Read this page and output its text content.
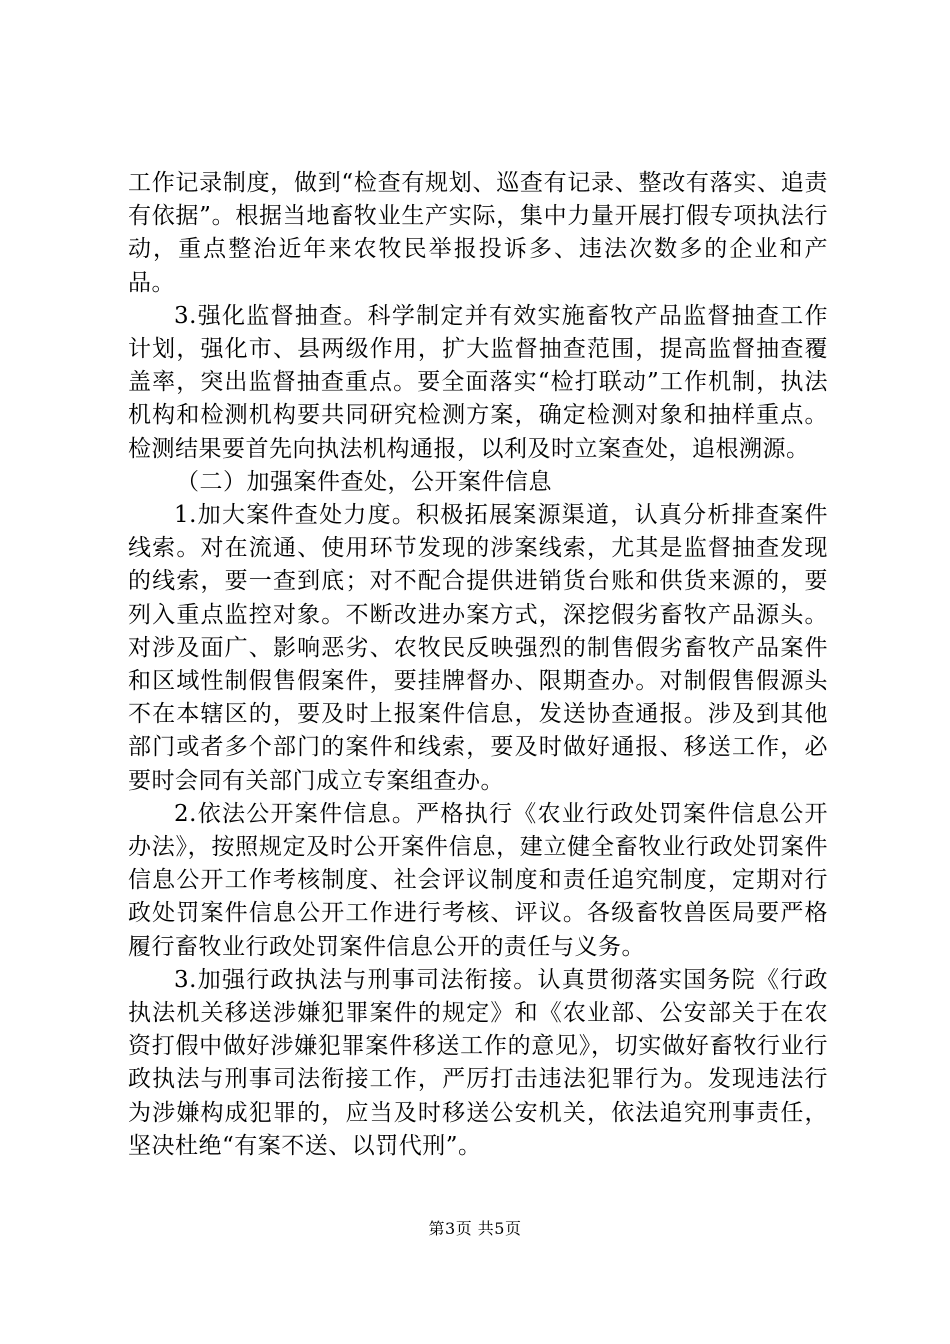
工作记录制度，做到“检查有规划、巡查有记录、整改有落实、追责有依据”。根据当地畜牧业生产实际，集中力量开展打假专项执法行动，重点整治近年来农牧民举报投诉多、违法次数多的企业和产品。

3.强化监督抽查。科学制定并有效实施畜牧产品监督抽查工作计划，强化市、县两级作用，扩大监督抽查范围，提高监督抽查覆盖率，突出监督抽查重点。要全面落实“检打联动”工作机制，执法机构和检测机构要共同研究检测方案，确定检测对象和抽样重点。检测结果要首先向执法机构通报，以利及时立案查处，追根溯源。

（二）加强案件查处，公开案件信息

1.加大案件查处力度。积极拓展案源渠道，认真分析排查案件线索。对在流通、使用环节发现的涉案线索，尤其是监督抽查发现的线索，要一查到底；对不配合提供进销货台账和供货来源的，要列入重点监控对象。不断改进办案方式，深挖假劣畜牧产品源头。对涉及面广、影响恶劣、农牧民反映强烈的制售假劣畜牧产品案件和区域性制假售假案件，要挂牌督办、限期查办。对制假售假源头不在本辖区的，要及时上报案件信息，发送协查通报。涉及到其他部门或者多个部门的案件和线索，要及时做好通报、移送工作，必要时会同有关部门成立专案组查办。

2.依法公开案件信息。严格执行《农业行政处罚案件信息公开办法》，按照规定及时公开案件信息，建立健全畜牧业行政处罚案件信息公开工作考核制度、社会评议制度和责任追究制度，定期对行政处罚案件信息公开工作进行考核、评议。各级畜牧兽医局要严格履行畜牧业行政处罚案件信息公开的责任与义务。

3.加强行政执法与刑事司法衔接。认真贯彻落实国务院《行政执法机关移送涉嫌犯罪案件的规定》和《农业部、公安部关于在农资打假中做好涉嫌犯罪案件移送工作的意见》，切实做好畜牧行业行政执法与刑事司法衔接工作，严厉打击违法犯罪行为。发现违法行为涉嫌构成犯罪的，应当及时移送公安机关，依法追究刑事责任，坚决杜绝“有案不送、以罚代刑”。

第3页 共5页
